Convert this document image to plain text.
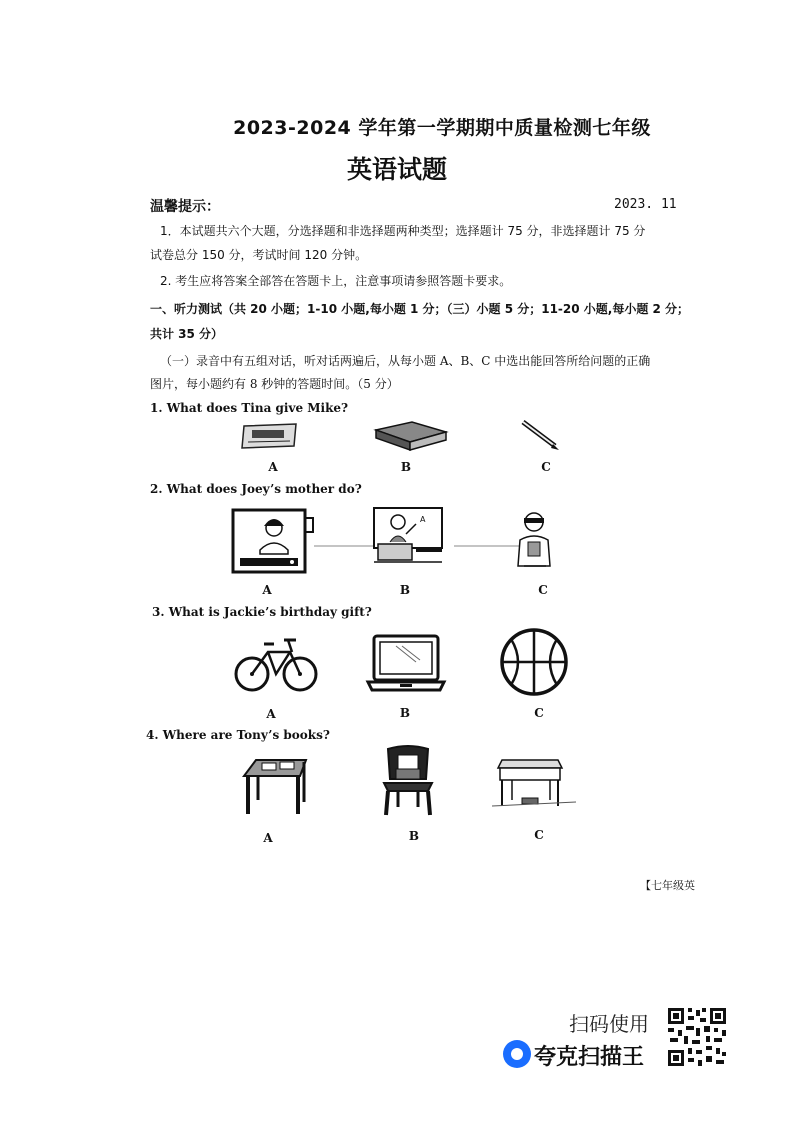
2023-2024 学年第一学期期中质量检测七年级
英语试题
温馨提示：	2023. 11
1．本试题共六个大题，分选择题和非选择题两种类型；选择题计 75 分，非选择题计 75 分
试卷总分 150 分，考试时间 120 分钟。
2. 考生应将答案全部答在答题卡上，注意事项请参照答题卡要求。
一、听力测试（共 20 小题；1-10 小题,每小题 1 分；（三）小题 5 分；11-20 小题,每小题 2 分；
共计 35 分）
（一）录音中有五组对话，听对话两遍后，从每小题 A、B、C 中选出能回答所给问题的正确
图片，每小题约有 8 秒钟的答题时间。（5 分）
1. What does Tina give Mike?
A	B	C
2. What does Joey’s mother do?
A
A	B	C
3. What is Jackie’s birthday gift?
A	B	C
4. Where are Tony’s books?
A	B	C
【七年级英
扫码使用
夸克扫描王
